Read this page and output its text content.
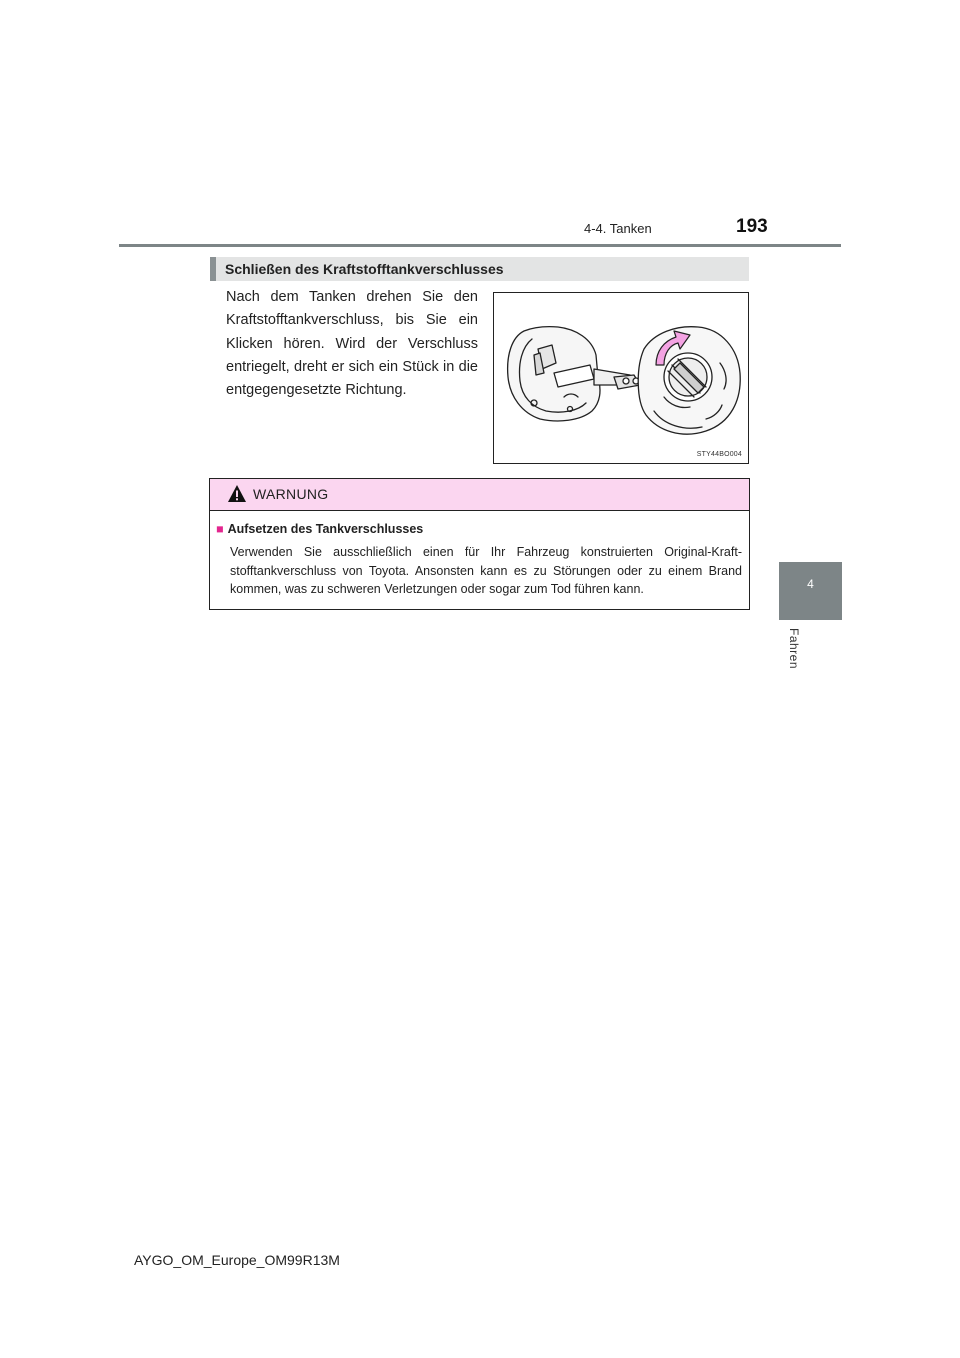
4-4. Tanken	193
4
Fahren
Schließen des Kraftstofftankverschlusses
Nach dem Tanken drehen Sie den Kraftstofftankverschluss, bis Sie ein Klicken hören. Wird der Verschluss entriegelt, dreht er sich ein Stück in die entgegengesetzte Richtung.
STY44BO004
WARNUNG
■ Aufsetzen des Tankverschlusses
Verwenden Sie ausschließlich einen für Ihr Fahrzeug konstruierten Original-Kraft-stofftankverschluss von Toyota. Ansonsten kann es zu Störungen oder zu einem Brand kommen, was zu schweren Verletzungen oder sogar zum Tod führen kann.
AYGO_OM_Europe_OM99R13M
